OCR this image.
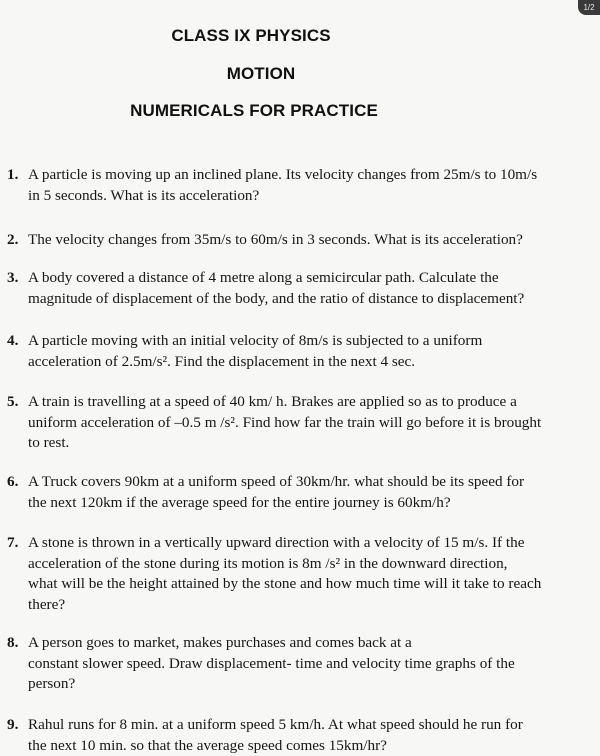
1/2
CLASS IX PHYSICS
MOTION
NUMERICALS FOR PRACTICE
1. A particle is moving up an inclined plane. Its velocity changes from 25m/s to 10m/s
in 5 seconds. What is its acceleration?
2. The velocity changes from 35m/s to 60m/s in 3 seconds. What is its acceleration?
3. A body covered a distance of 4 metre along a semicircular path. Calculate the
magnitude of displacement of the body, and the ratio of distance to displacement?
4. A particle moving with an initial velocity of 8m/s is subjected to a uniform
acceleration of 2.5m/s². Find the displacement in the next 4 sec.
5. A train is travelling at a speed of 40 km/ h. Brakes are applied so as to produce a
uniform acceleration of –0.5 m /s². Find how far the train will go before it is brought
to rest.
6. A Truck covers 90km at a uniform speed of 30km/hr. what should be its speed for
the next 120km if the average speed for the entire journey is 60km/h?
7. A stone is thrown in a vertically upward direction with a velocity of 15 m/s. If the
acceleration of the stone during its motion is 8m /s² in the downward direction,
what will be the height attained by the stone and how much time will it take to reach
there?
8. A person goes to market, makes purchases and comes back at a
constant slower speed. Draw displacement- time and velocity time graphs of the
person?
9. Rahul runs for 8 min. at a uniform speed 5 km/h. At what speed should he run for
the next 10 min. so that the average speed comes 15km/hr?
